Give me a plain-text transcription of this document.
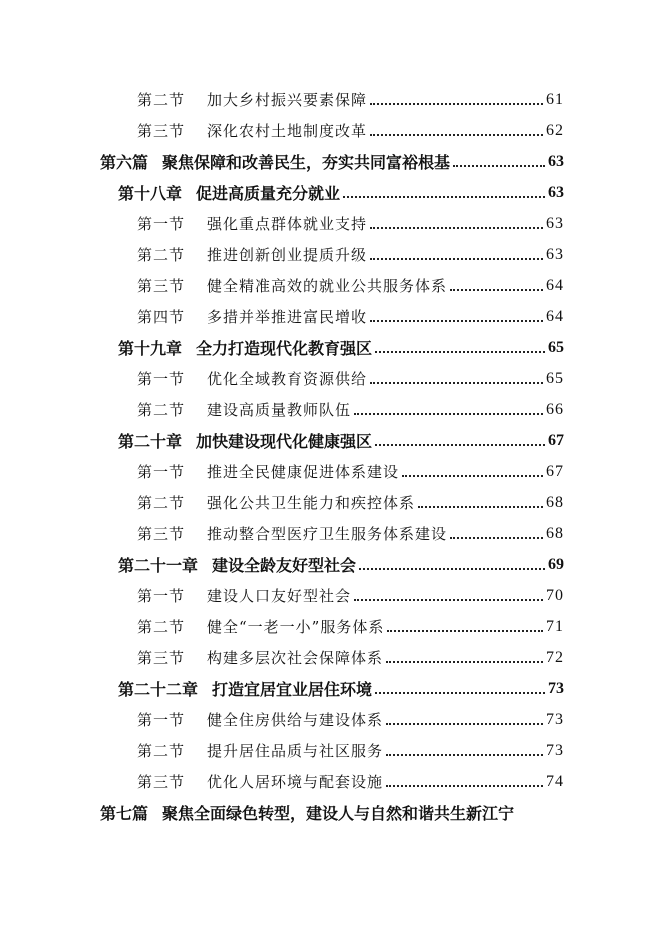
第二节	加大乡村振兴要素保障	61
第三节	深化农村土地制度改革	62
第六篇 聚焦保障和改善民生，夯实共同富裕根基	63
第十八章 促进高质量充分就业	63
第一节	强化重点群体就业支持	63
第二节	推进创新创业提质升级	63
第三节	健全精准高效的就业公共服务体系	64
第四节	多措并举推进富民增收	64
第十九章 全力打造现代化教育强区	65
第一节	优化全域教育资源供给	65
第二节	建设高质量教师队伍	66
第二十章 加快建设现代化健康强区	67
第一节	推进全民健康促进体系建设	67
第二节	强化公共卫生能力和疾控体系	68
第三节	推动整合型医疗卫生服务体系建设	68
第二十一章 建设全龄友好型社会	69
第一节	建设人口友好型社会	70
第二节	健全“一老一小”服务体系	71
第三节	构建多层次社会保障体系	72
第二十二章 打造宜居宜业居住环境	73
第一节	健全住房供给与建设体系	73
第二节	提升居住品质与社区服务	73
第三节	优化人居环境与配套设施	74
第七篇 聚焦全面绿色转型，建设人与自然和谐共生新江宁
